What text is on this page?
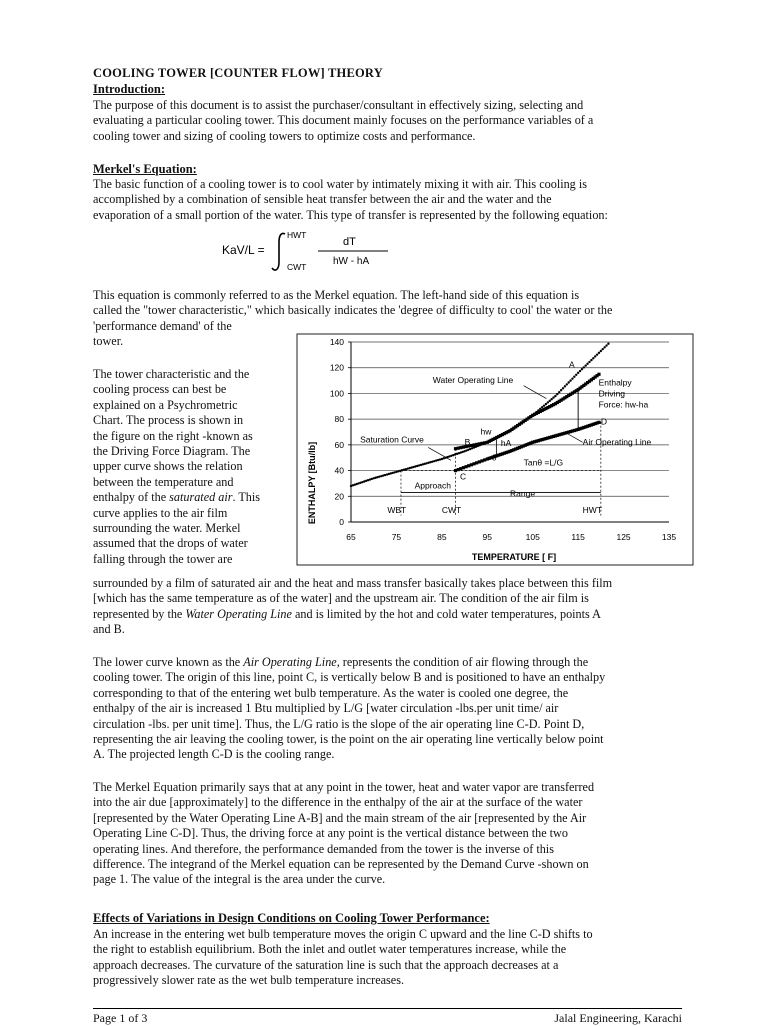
COOLING TOWER [COUNTER FLOW] THEORY
Introduction:
The purpose of this document is to assist the purchaser/consultant in effectively sizing, selecting and
evaluating a particular cooling tower. This document mainly focuses on the performance variables of a
cooling tower and sizing of cooling towers to optimize costs and performance.
Merkel's Equation:
The basic function of a cooling tower is to cool water by intimately mixing it with air. This cooling is
accomplished by a combination of sensible heat transfer between the air and the water and the
evaporation of a small portion of the water. This type of transfer is represented by the following equation:
KaV/L =
HWT
CWT
dT
hW - hA
This equation is commonly referred to as the Merkel equation. The left-hand side of this equation is
called the "tower characteristic," which basically indicates the 'degree of difficulty to cool' the water or the
'performance demand' of the
tower.
The tower characteristic and the
cooling process can best be
explained on a Psychrometric
Chart. The process is shown in
the figure on the right -known as
the Driving Force Diagram. The
upper curve shows the relation
between the temperature and
enthalpy of the saturated air. This
curve applies to the air film
surrounding the water. Merkel
assumed that the drops of water
falling through the tower are
0
20
40
60
80
100
120
140
65	75	85	95	105	115	125	135
Water Operating Line
Saturation Curve	Air Operating Line
Enthalpy
Driving
Force: hw-ha
A
B
C
D
hw
hA
θ
Tanθ =L/G
Approach
Range
WBT	CWT	HWT
ENTHALPY [Btu/lb]
TEMPERATURE [ F]
surrounded by a film of saturated air and the heat and mass transfer basically takes place between this film
[which has the same temperature as of the water] and the upstream air. The condition of the air film is
represented by the Water Operating Line and is limited by the hot and cold water temperatures, points A
and B.
The lower curve known as the Air Operating Line, represents the condition of air flowing through the
cooling tower. The origin of this line, point C, is vertically below B and is positioned to have an enthalpy
corresponding to that of the entering wet bulb temperature. As the water is cooled one degree, the
enthalpy of the air is increased 1 Btu multiplied by L/G [water circulation -lbs.per unit time/ air
circulation -lbs. per unit time]. Thus, the L/G ratio is the slope of the air operating line C-D. Point D,
representing the air leaving the cooling tower, is the point on the air operating line vertically below point
A. The projected length C-D is the cooling range.
The Merkel Equation primarily says that at any point in the tower, heat and water vapor are transferred
into the air due [approximately] to the difference in the enthalpy of the air at the surface of the water
[represented by the Water Operating Line A-B] and the main stream of the air [represented by the Air
Operating Line C-D]. Thus, the driving force at any point is the vertical distance between the two
operating lines. And therefore, the performance demanded from the tower is the inverse of this
difference. The integrand of the Merkel equation can be represented by the Demand Curve -shown on
page 1. The value of the integral is the area under the curve.
Effects of Variations in Design Conditions on Cooling Tower Performance:
An increase in the entering wet bulb temperature moves the origin C upward and the line C-D shifts to
the right to establish equilibrium. Both the inlet and outlet water temperatures increase, while the
approach decreases. The curvature of the saturation line is such that the approach decreases at a
progressively slower rate as the wet bulb temperature increases.
Page 1 of 3	Jalal Engineering, Karachi
